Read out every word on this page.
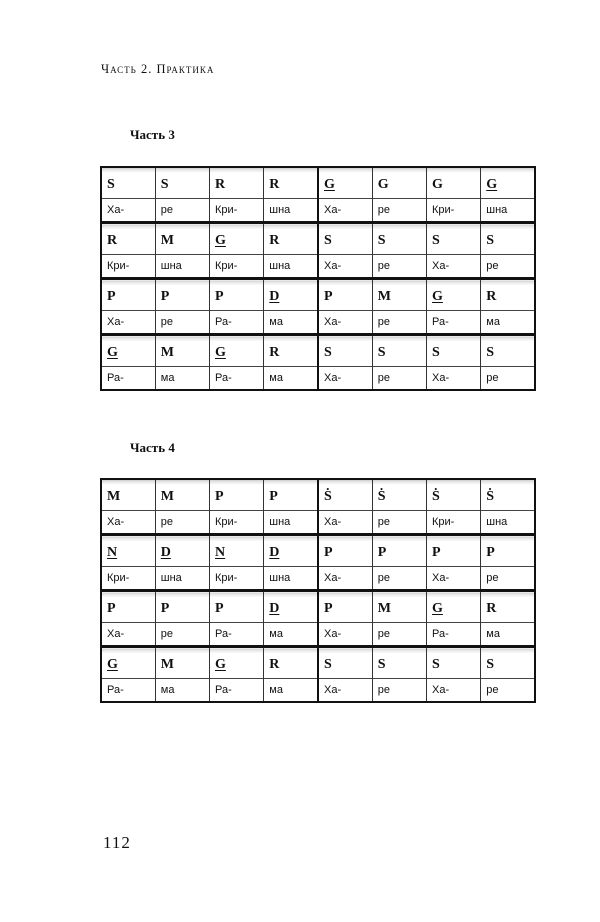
Часть 2. Практика
Часть 3
S	S	R	R	G	G	G	G
Ха-	ре	Кри-	шна	Ха-	ре	Кри-	шна
R	M	G	R	S	S	S	S
Кри-	шна	Кри-	шна	Ха-	ре	Ха-	ре
P	P	P	D	P	M	G	R
Ха-	ре	Ра-	ма	Ха-	ре	Ра-	ма
G	M	G	R	S	S	S	S
Ра-	ма	Ра-	ма	Ха-	ре	Ха-	ре
Часть 4
M	M	P	P	Ṡ	Ṡ	Ṡ	Ṡ
Ха-	ре	Кри-	шна	Ха-	ре	Кри-	шна
N	D	N	D	P	P	P	P
Кри-	шна	Кри-	шна	Ха-	ре	Ха-	ре
P	P	P	D	P	M	G	R
Ха-	ре	Ра-	ма	Ха-	ре	Ра-	ма
G	M	G	R	S	S	S	S
Ра-	ма	Ра-	ма	Ха-	ре	Ха-	ре
112
